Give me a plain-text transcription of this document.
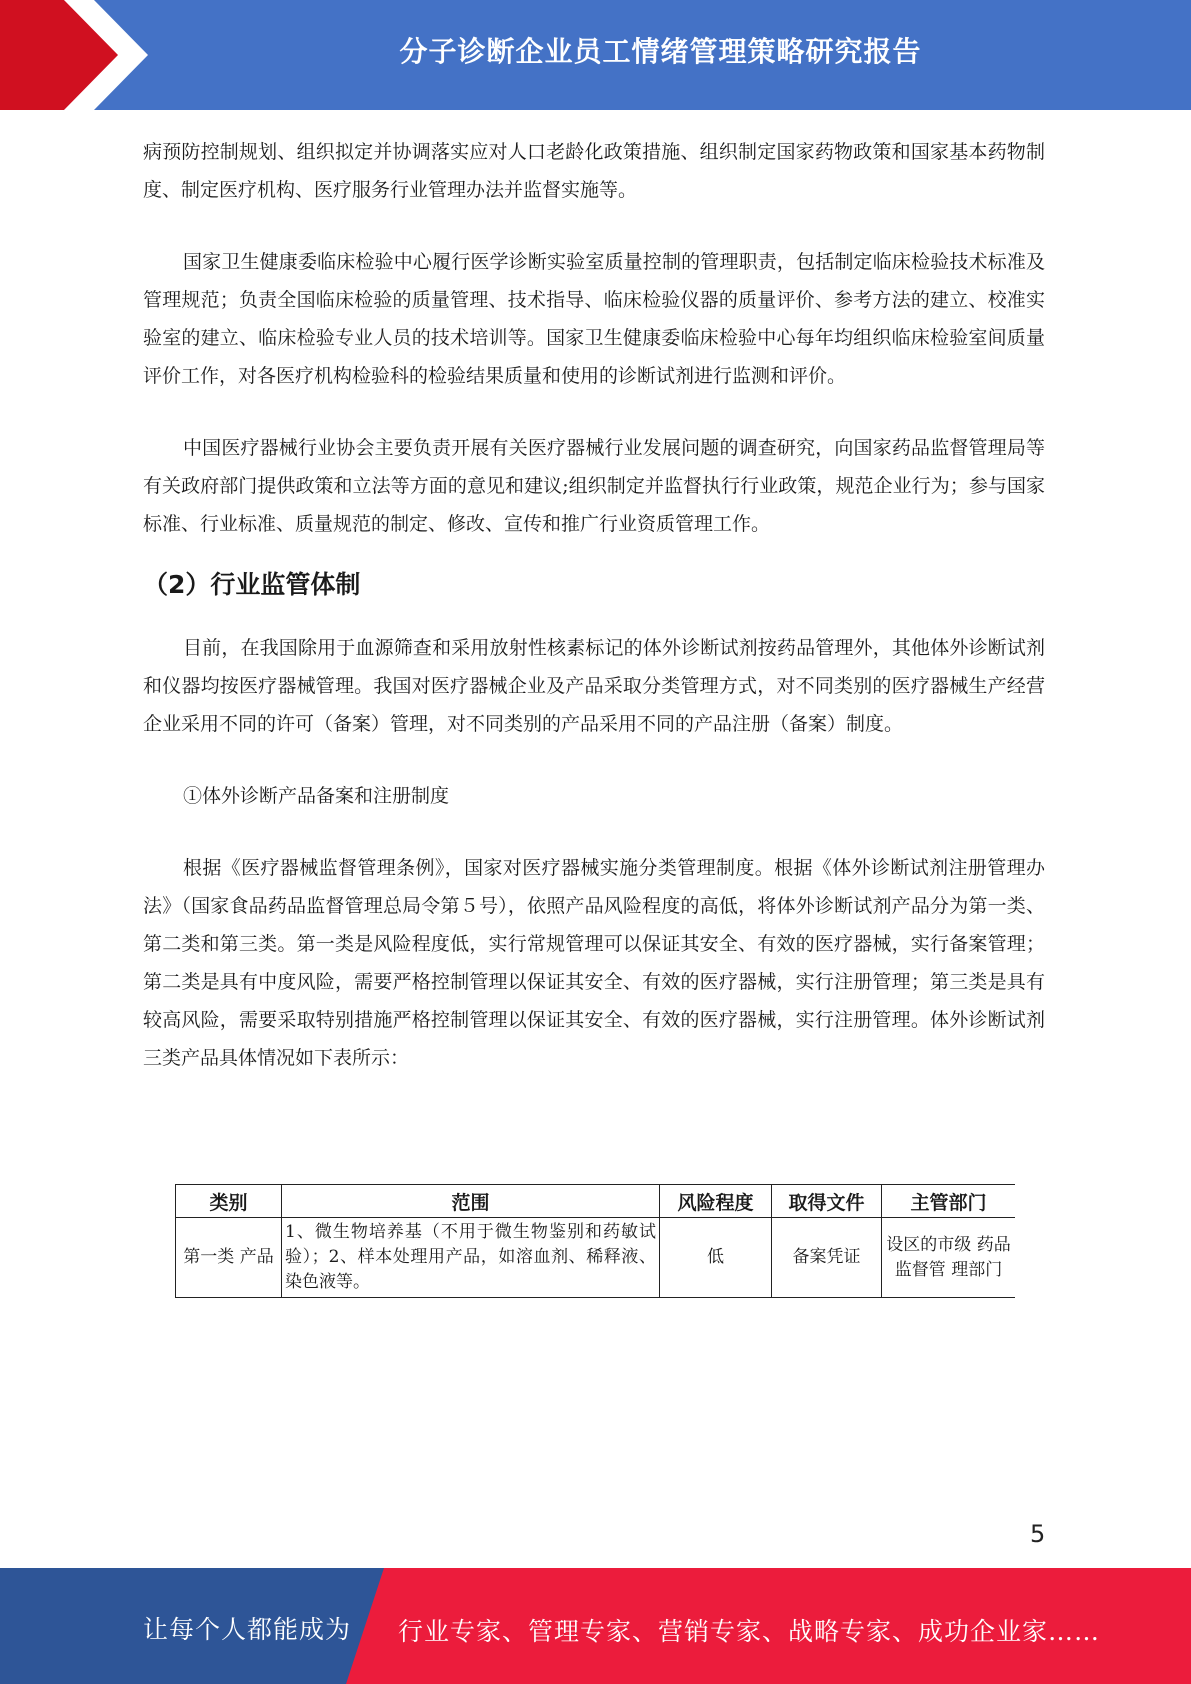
分子诊断企业员工情绪管理策略研究报告

病预防控制规划、组织拟定并协调落实应对人口老龄化政策措施、组织制定国家药物政策和国家基本药物制度、制定医疗机构、医疗服务行业管理办法并监督实施等。

国家卫生健康委临床检验中心履行医学诊断实验室质量控制的管理职责，包括制定临床检验技术标准及管理规范；负责全国临床检验的质量管理、技术指导、临床检验仪器的质量评价、参考方法的建立、校准实验室的建立、临床检验专业人员的技术培训等。国家卫生健康委临床检验中心每年均组织临床检验室间质量评价工作，对各医疗机构检验科的检验结果质量和使用的诊断试剂进行监测和评价。

中国医疗器械行业协会主要负责开展有关医疗器械行业发展问题的调查研究，向国家药品监督管理局等有关政府部门提供政策和立法等方面的意见和建议;组织制定并监督执行行业政策，规范企业行为；参与国家标准、行业标准、质量规范的制定、修改、宣传和推广行业资质管理工作。

（2）行业监管体制

目前，在我国除用于血源筛查和采用放射性核素标记的体外诊断试剂按药品管理外，其他体外诊断试剂和仪器均按医疗器械管理。我国对医疗器械企业及产品采取分类管理方式，对不同类别的医疗器械生产经营企业采用不同的许可（备案）管理，对不同类别的产品采用不同的产品注册（备案）制度。

①体外诊断产品备案和注册制度

根据《医疗器械监督管理条例》，国家对医疗器械实施分类管理制度。根据《体外诊断试剂注册管理办法》（国家食品药品监督管理总局令第５号），依照产品风险程度的高低，将体外诊断试剂产品分为第一类、第二类和第三类。第一类是风险程度低，实行常规管理可以保证其安全、有效的医疗器械，实行备案管理；第二类是具有中度风险，需要严格控制管理以保证其安全、有效的医疗器械，实行注册管理；第三类是具有较高风险，需要采取特别措施严格控制管理以保证其安全、有效的医疗器械，实行注册管理。体外诊断试剂三类产品具体情况如下表所示：

类别	范围	风险程度	取得文件	主管部门
第一类 产品	1、微生物培养基（不用于微生物鉴别和药敏试验）；2、样本处理用产品，如溶血剂、稀释液、染色液等。	低	备案凭证	设区的市级 药品监督管 理部门
5
让每个人都能成为 行业专家、管理专家、营销专家、战略专家、成功企业家……
